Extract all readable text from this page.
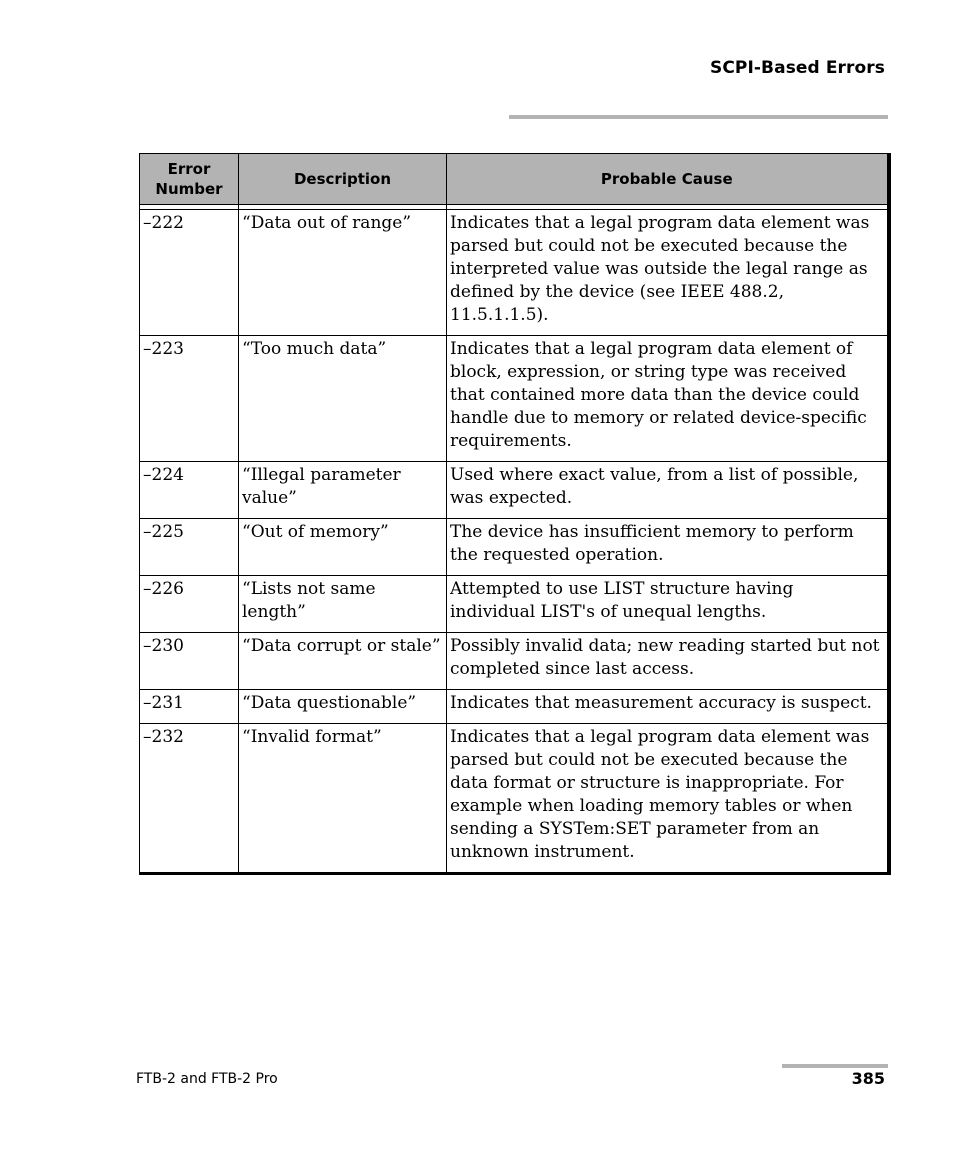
SCPI-Based Errors
Error Number	Description	Probable Cause

–222	“Data out of range”	Indicates that a legal program data element was parsed but could not be executed because the interpreted value was outside the legal range as defined by the device (see IEEE 488.2, 11.5.1.1.5).
–223	“Too much data”	Indicates that a legal program data element of block, expression, or string type was received that contained more data than the device could handle due to memory or related device-specific requirements.
–224	“Illegal parameter value”	Used where exact value, from a list of possible, was expected.
–225	“Out of memory”	The device has insufficient memory to perform the requested operation.
–226	“Lists not same length”	Attempted to use LIST structure having individual LIST's of unequal lengths.
–230	“Data corrupt or stale”	Possibly invalid data; new reading started but not completed since last access.
–231	“Data questionable”	Indicates that measurement accuracy is suspect.
–232	“Invalid format”	Indicates that a legal program data element was parsed but could not be executed because the data format or structure is inappropriate. For example when loading memory tables or when sending a SYSTem:SET parameter from an unknown instrument.
FTB-2 and FTB-2 Pro	385
